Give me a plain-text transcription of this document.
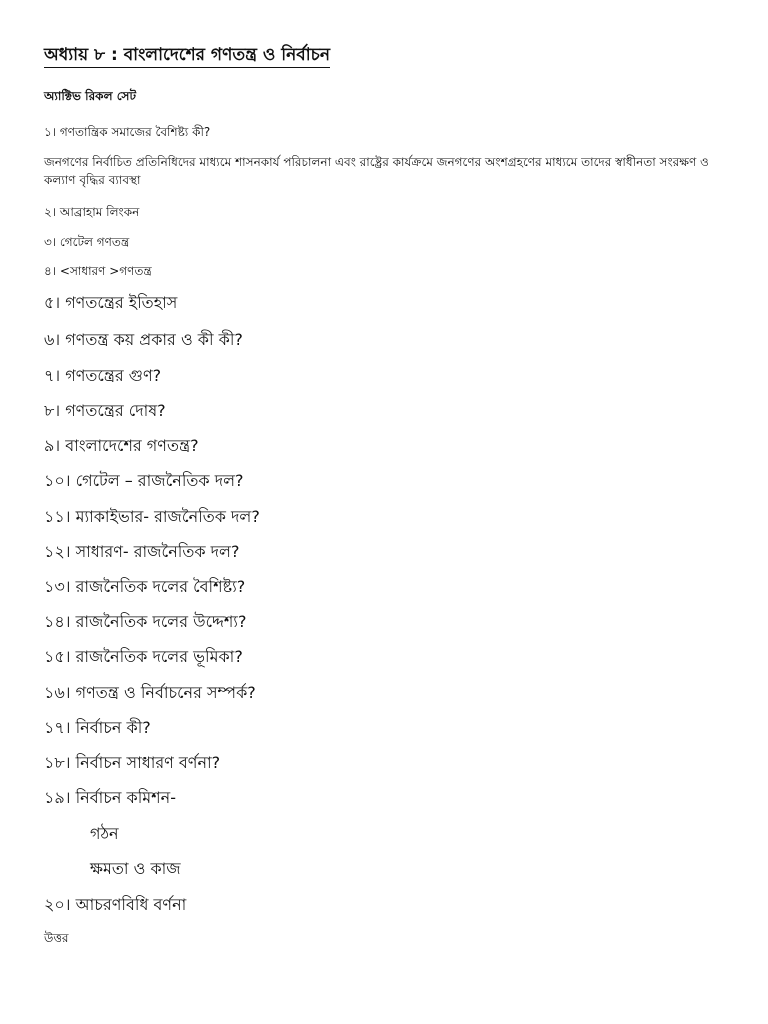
অধ্যায় ৮ : বাংলাদেশের গণতন্ত্র ও নির্বাচন
অ্যাক্টিভ রিকল সেট
১। গণতান্ত্রিক সমাজের বৈশিষ্ট্য কী?
জনগণের নির্বাচিত প্রতিনিধিদের মাধ্যমে শাসনকার্য পরিচালনা এবং রাষ্ট্রের কার্যক্রমে জনগণের অংশগ্রহণের মাধ্যমে তাদের স্বাধীনতা সংরক্ষণ ও কল্যাণ বৃদ্ধির ব্যাবস্থা
২। আব্রাহাম লিংকন
৩। গেটেল গণতন্ত্র
৪। <সাধারণ >গণতন্ত্র
৫। গণতন্ত্রের ইতিহাস
৬। গণতন্ত্র কয় প্রকার ও কী কী?
৭। গণতন্ত্রের গুণ?
৮। গণতন্ত্রের দোষ?
৯। বাংলাদেশের গণতন্ত্র?
১০। গেটেল – রাজনৈতিক দল?
১১। ম্যাকাইভার- রাজনৈতিক দল?
১২। সাধারণ- রাজনৈতিক দল?
১৩। রাজনৈতিক দলের বৈশিষ্ট্য?
১৪। রাজনৈতিক দলের উদ্দেশ্য?
১৫। রাজনৈতিক দলের ভূমিকা?
১৬। গণতন্ত্র ও নির্বাচনের সম্পর্ক?
১৭। নির্বাচন কী?
১৮। নির্বাচন সাধারণ বর্ণনা?
১৯। নির্বাচন কমিশন-
গঠন
ক্ষমতা ও কাজ
২০। আচরণবিধি বর্ণনা
উত্তর
